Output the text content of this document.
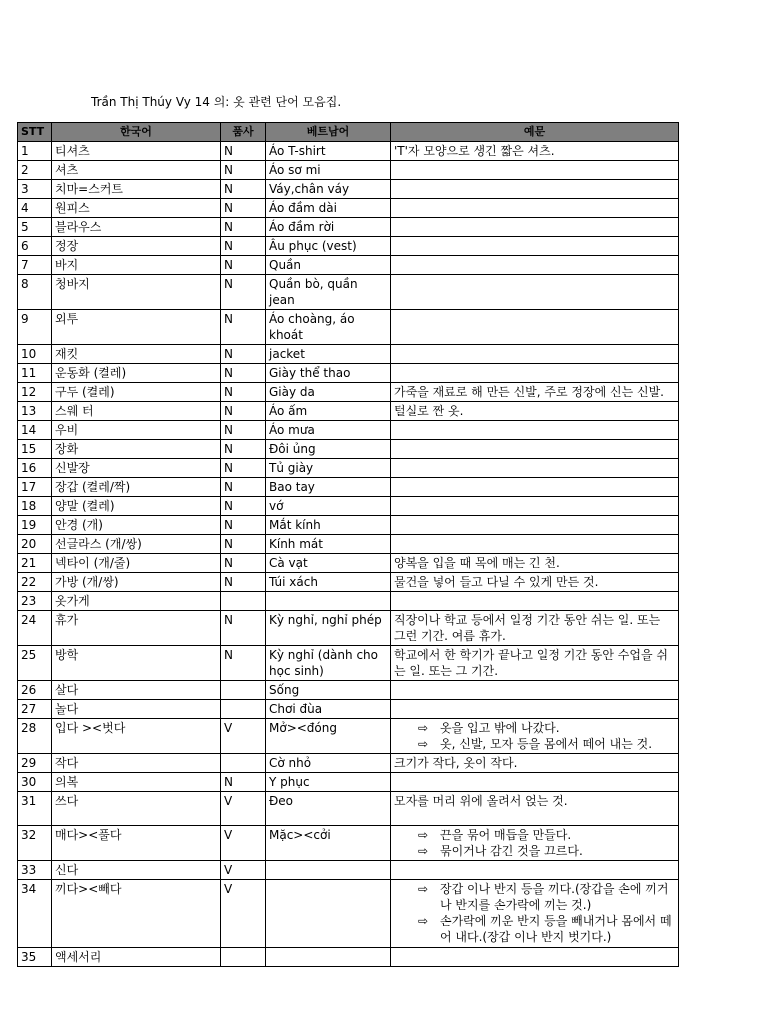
Trần Thị Thúy Vy 14 의: 옷 관련 단어 모음집.
STT	한국어	품사	베트남어	예문
1	티셔츠	N	Áo T-shirt	'T'자 모양으로 생긴 짧은 셔츠.
2	셔츠	N	Áo sơ mi	
3	치마=스커트	N	Váy,chân váy	
4	원피스	N	Áo đầm dài	
5	블라우스	N	Áo đầm rời	
6	정장	N	Âu phục (vest)	
7	바지	N	Quần	
8	청바지	N	Quần bò, quần jean	
9	외투	N	Áo choàng, áo khoát	
10	재킷	N	jacket	
11	운동화 (켤레)	N	Giày thể thao	
12	구두 (켤레)	N	Giày da	가죽을 재료로 해 만든 신발, 주로 정장에 신는 신발.
13	스웨 터	N	Áo ấm	털실로 짠 옷.
14	우비	N	Áo mưa	
15	장화	N	Đôi ủng	
16	신발장	N	Tủ giày	
17	장갑 (켤레/짝)	N	Bao tay	
18	양말 (켤레)	N	vớ	
19	안경 (개)	N	Mắt kính	
20	선글라스 (개/쌍)	N	Kính mát	
21	넥타이 (개/줄)	N	Cà vạt	양복을 입을 때 목에 매는 긴 천.
22	가방 (개/쌍)	N	Túi xách	물건을 넣어 들고 다닐 수 있게 만든 것.
23	옷가게			
24	휴가	N	Kỳ nghỉ, nghỉ phép	직장이나 학교 등에서 일정 기간 동안 쉬는 일. 또는 그런 기간. 여름 휴가.
25	방학	N	Kỳ nghỉ (dành cho học sinh)	학교에서 한 학기가 끝나고 일정 기간 동안 수업을 쉬는 일. 또는 그 기간.
26	살다		Sống	
27	놀다		Chơi đùa	
28	입다 ><벗다	V	Mở><đóng	⇨ 옷을 입고 밖에 나갔다.
⇨ 옷, 신발, 모자 등을 몸에서 떼어 내는 것.

29	작다		Cờ nhỏ	크기가 작다, 옷이 작다.
30	의복	N	Y phục	
31	쓰다	V	Đeo	모자를 머리 위에 올려서 얹는 것.
32	매다><풀다	V	Mặc><cởi	⇨ 끈을 묶어 매듭을 만들다.
⇨ 묶이거나 감긴 것을 끄르다.

33	신다	V		
34	끼다><빼다	V		⇨ 장갑 이나 반지 등을 끼다.(장갑을 손에 끼거나 반지를 손가락에 끼는 것.)
⇨ 손가락에 끼운 반지 등을 빼내거나 몸에서 떼어 내다.(장갑 이나 반지 벗기다.)

35	액세서리			
